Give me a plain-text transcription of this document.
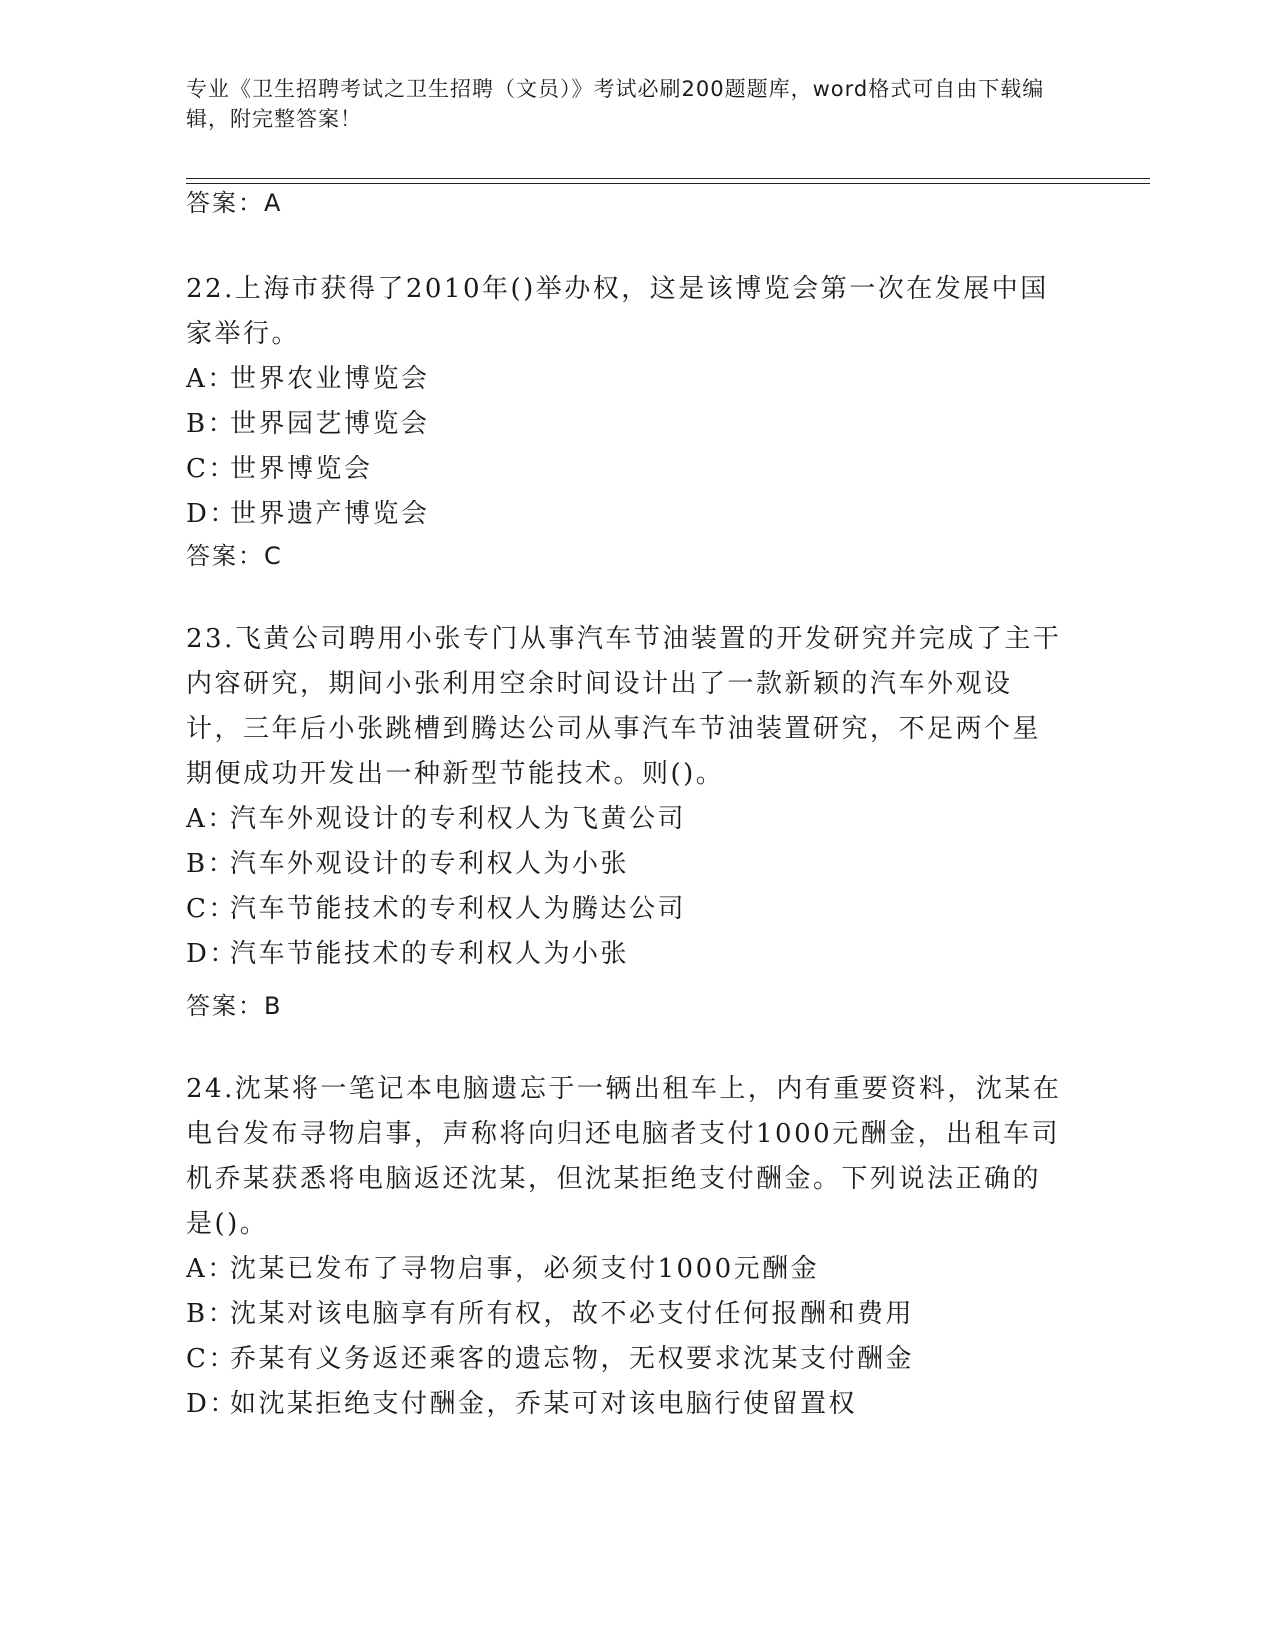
专业《卫生招聘考试之卫生招聘（文员）》考试必刷200题题库，word格式可自由下载编辑，附完整答案！
答案：A

22.上海市获得了2010年()举办权，这是该博览会第一次在发展中国家举行。

A：世界农业博览会

B：世界园艺博览会

C：世界博览会

D：世界遗产博览会

答案：C

23.飞黄公司聘用小张专门从事汽车节油装置的开发研究并完成了主干内容研究，期间小张利用空余时间设计出了一款新颖的汽车外观设计，三年后小张跳槽到腾达公司从事汽车节油装置研究，不足两个星期便成功开发出一种新型节能技术。则()。

A：汽车外观设计的专利权人为飞黄公司

B：汽车外观设计的专利权人为小张

C：汽车节能技术的专利权人为腾达公司

D：汽车节能技术的专利权人为小张

答案：B

24.沈某将一笔记本电脑遗忘于一辆出租车上，内有重要资料，沈某在电台发布寻物启事，声称将向归还电脑者支付1000元酬金，出租车司机乔某获悉将电脑返还沈某，但沈某拒绝支付酬金。下列说法正确的是()。

A：沈某已发布了寻物启事，必须支付1000元酬金

B：沈某对该电脑享有所有权，故不必支付任何报酬和费用

C：乔某有义务返还乘客的遗忘物，无权要求沈某支付酬金

D：如沈某拒绝支付酬金，乔某可对该电脑行使留置权
